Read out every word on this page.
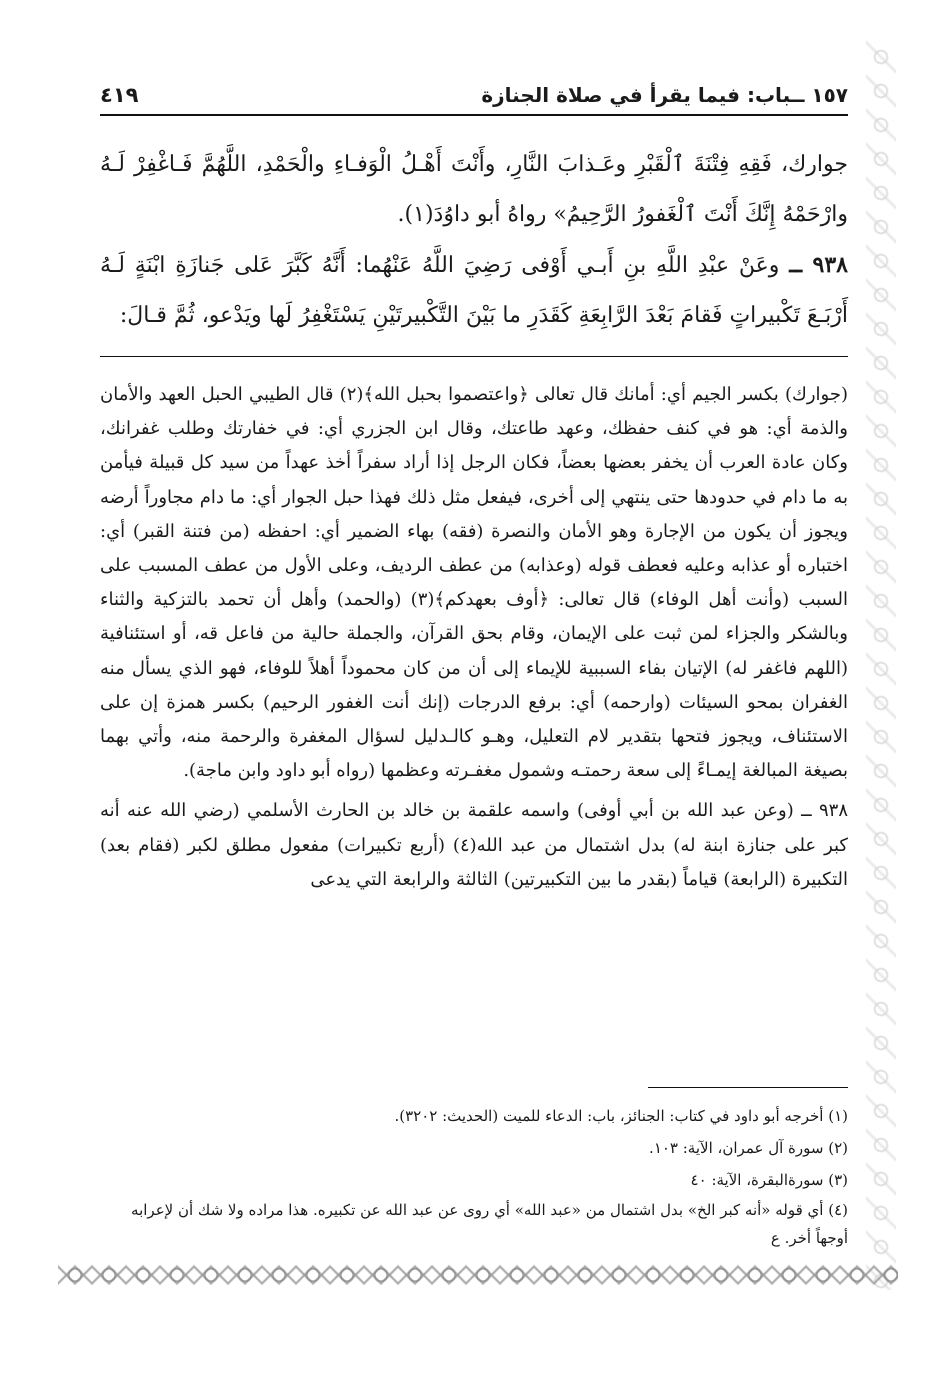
١٥٧ ــباب: فيما يقرأ في صلاة الجنازة
٤١٩

جوارك، فَقِهِ فِتْنَةَ ٱلْقَبْرِ وعَـذابَ النَّارِ، وأَنْتَ أَهْـلُ الْوَفـاءِ والْحَمْدِ، اللَّهُمَّ فَـاغْفِرْ لَـهُ وارْحَمْهُ إِنَّكَ أَنْتَ ٱلْغَفورُ الرَّحِيمُ» رواهُ أبو داوُدَ(١).

٩٣٨ ــ وعَنْ عبْدِ اللَّهِ بنِ أَبـي أَوْفى رَضِيَ اللَّهُ عَنْهُما: أَنَّهُ كَبَّرَ عَلى جَنازَةِ ابْنَةٍ لَـهُ أَرْبَـعَ تَكْبيراتٍ فَقامَ بَعْدَ الرَّابِعَةِ كَقَدَرِ ما بَيْنَ التَّكْبيرتَيْنِ يَسْتَغْفِرُ لَها ويَدْعو، ثُمَّ قـالَ:

(جوارك) بكسر الجيم أي: أمانك قال تعالى ﴿واعتصموا بحبل الله﴾(٢) قال الطيبي الحبل العهد والأمان والذمة أي: هو في كنف حفظك، وعهد طاعتك، وقال ابن الجزري أي: في خفارتك وطلب غفرانك، وكان عادة العرب أن يخفر بعضها بعضاً، فكان الرجل إذا أراد سفراً أخذ عهداً من سيد كل قبيلة فيأمن به ما دام في حدودها حتى ينتهي إلى أخرى، فيفعل مثل ذلك فهذا حبل الجوار أي: ما دام مجاوراً أرضه ويجوز أن يكون من الإجارة وهو الأمان والنصرة (فقه) بهاء الضمير أي: احفظه (من فتنة القبر) أي: اختباره أو عذابه وعليه فعطف قوله (وعذابه) من عطف الرديف، وعلى الأول من عطف المسبب على السبب (وأنت أهل الوفاء) قال تعالى: ﴿أوف بعهدكم﴾(٣) (والحمد) وأهل أن تحمد بالتزكية والثناء وبالشكر والجزاء لمن ثبت على الإيمان، وقام بحق القرآن، والجملة حالية من فاعل قه، أو استئنافية (اللهم فاغفر له) الإتيان بفاء السببية للإيماء إلى أن من كان محموداً أهلاً للوفاء، فهو الذي يسأل منه الغفران بمحو السيئات (وارحمه) أي: برفع الدرجات (إنك أنت الغفور الرحيم) بكسر همزة إن على الاستئناف، ويجوز فتحها بتقدير لام التعليل، وهـو كالـدليل لسؤال المغفرة والرحمة منه، وأتي بهما بصيغة المبالغة إيمـاءً إلى سعة رحمتـه وشمول مغفـرته وعظمها (رواه أبو داود وابن ماجة).

٩٣٨ ــ (وعن عبد الله بن أبي أوفى) واسمه علقمة بن خالد بن الحارث الأسلمي (رضي الله عنه أنه كبر على جنازة ابنة له) بدل اشتمال من عبد الله(٤) (أربع تكبيرات) مفعول مطلق لكبر (فقام بعد) التكبيرة (الرابعة) قياماً (بقدر ما بين التكبيرتين) الثالثة والرابعة التي يدعى

(١) أخرجه أبو داود في كتاب: الجنائز، باب: الدعاء للميت (الحديث: ٣٢٠٢).

(٢) سورة آل عمران، الآية: ١٠٣.

(٣) سورةالبقرة، الآية: ٤٠

(٤) أي قوله «أنه كبر الخ» بدل اشتمال من «عبد الله» أي روى عن عبد الله عن تكبيره. هذا مراده ولا شك أن لإعرابه أوجهاً أخر. ع
